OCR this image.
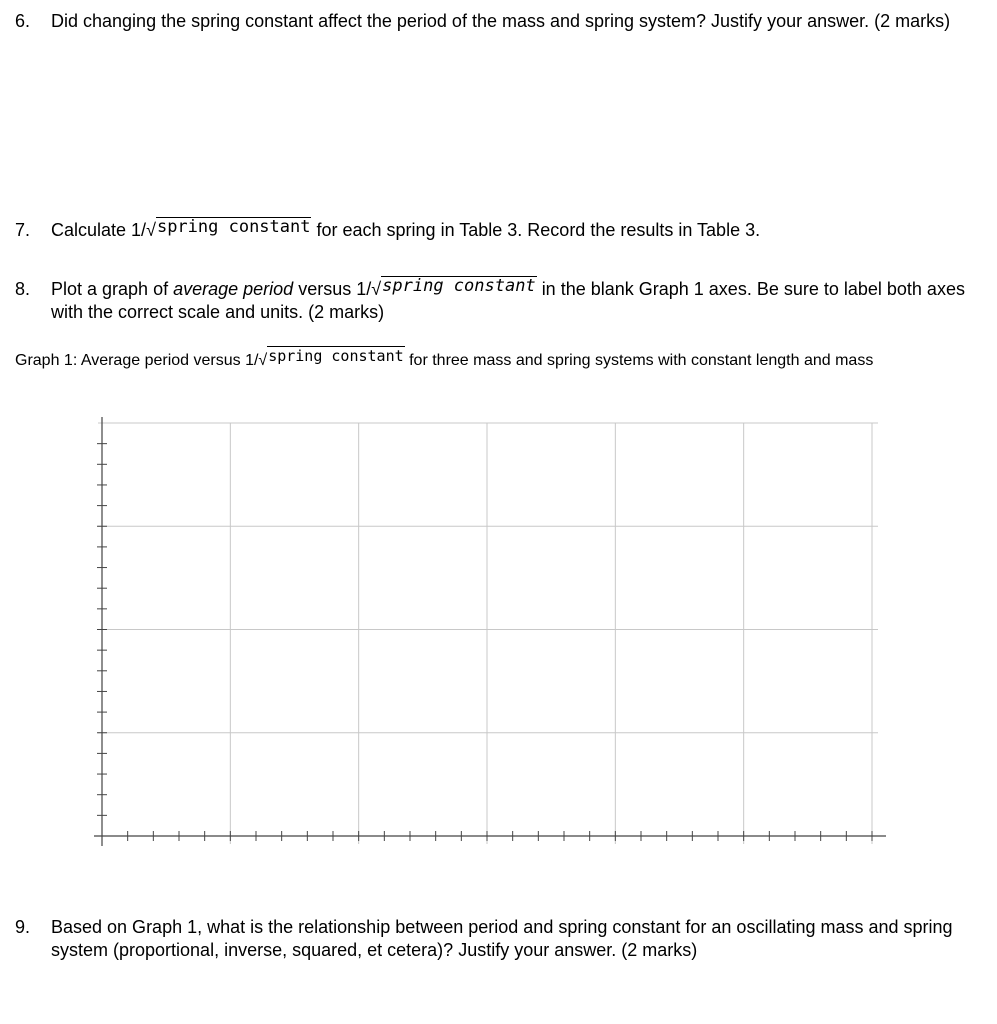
6. Did changing the spring constant affect the period of the mass and spring system? Justify your answer. (2 marks)
7. Calculate 1/√spring constant for each spring in Table 3. Record the results in Table 3.
8. Plot a graph of average period versus 1/√spring constant in the blank Graph 1 axes. Be sure to label both axes with the correct scale and units. (2 marks)
Graph 1: Average period versus 1/√spring constant for three mass and spring systems with constant length and mass
9. Based on Graph 1, what is the relationship between period and spring constant for an oscillating mass and spring system (proportional, inverse, squared, et cetera)? Justify your answer. (2 marks)
